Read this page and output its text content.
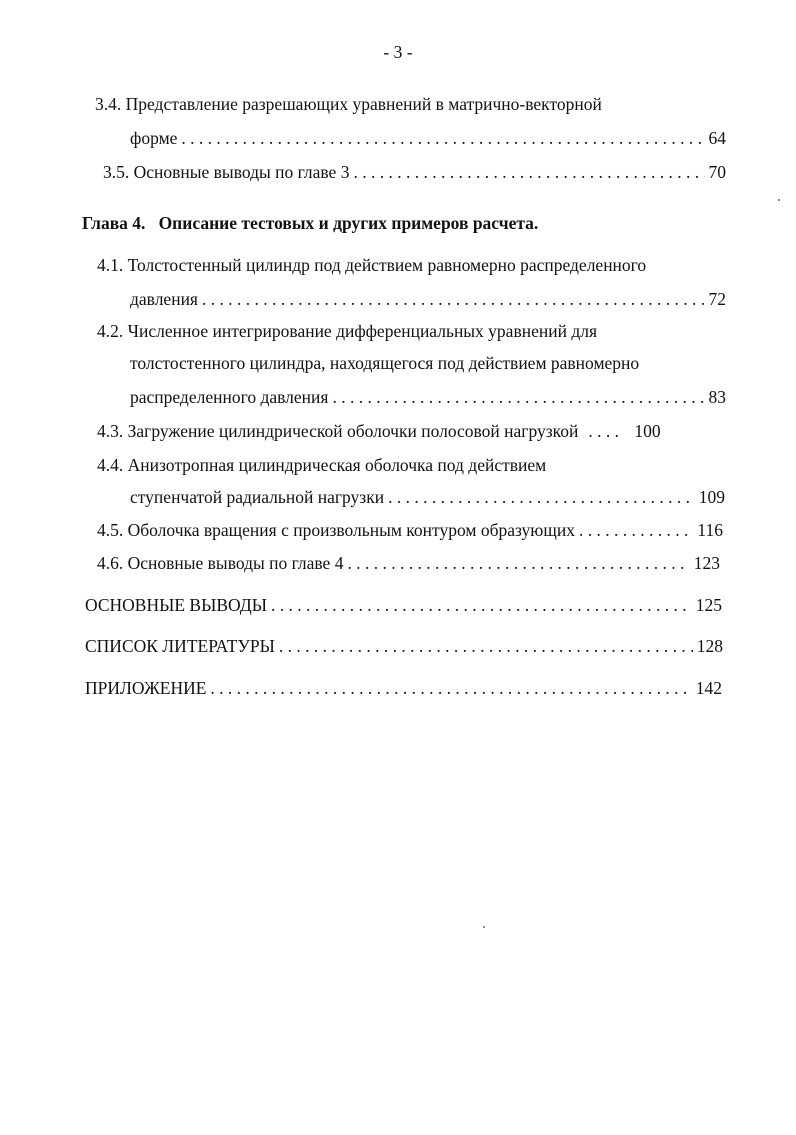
- 3 -
3.4. Представление разрешающих уравнений в матрично-векторной
форме . . .	64
3.5. Основные выводы по главе 3 . . .	70
Глава 4. Описание тестовых и других примеров расчета.
4.1. Толстостенный цилиндр под действием равномерно распределенного
давления . . .	72
4.2. Численное интегрирование дифференциальных уравнений для
толстостенного цилиндра, находящегося под действием равномерно
распределенного давления . . .	83
4.3. Загружение цилиндрической оболочки полосовой нагрузкой . . .	100
4.4. Анизотропная цилиндрическая оболочка под действием
ступенчатой радиальной нагрузки . . .	109
4.5. Оболочка вращения с произвольным контуром образующих . . .	116
4.6. Основные выводы по главе 4 . . .	123
ОСНОВНЫЕ ВЫВОДЫ . . .	125
СПИСОК ЛИТЕРАТУРЫ . . .	128
ПРИЛОЖЕНИЕ . . .	142
